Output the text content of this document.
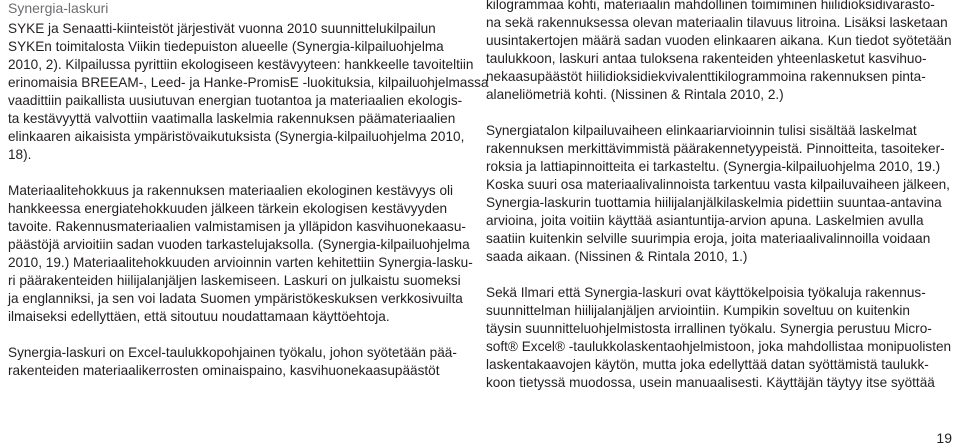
Synergia-laskuri

SYKE ja Senaatti-kiinteistöt järjestivät vuonna 2010 suunnittelukilpailun
SYKEn toimitalosta Viikin tiedepuiston alueelle (Synergia-kilpailuohjelma
2010, 2). Kilpailussa pyrittiin ekologiseen kestävyyteen: hankkeelle tavoiteltiin
erinomaisia BREEAM-, Leed- ja Hanke-PromisE -luokituksia, kilpailuohjelmassa
vaadittiin paikallista uusiutuvan energian tuotantoa ja materiaalien ekologis-
ta kestävyyttä valvottiin vaatimalla laskelmia rakennuksen päämateriaalien
elinkaaren aikaisista ympäristövaikutuksista (Synergia-kilpailuohjelma 2010,
18).

Materiaalitehokkuus ja rakennuksen materiaalien ekologinen kestävyys oli
hankkeessa energiatehokkuuden jälkeen tärkein ekologisen kestävyyden
tavoite. Rakennusmateriaalien valmistamisen ja ylläpidon kasvihuonekaasu-
päästöjä arvioitiin sadan vuoden tarkastelujaksolla. (Synergia-kilpailuohjelma
2010, 19.) Materiaalitehokkuuden arvioinnin varten kehitettiin Synergia-lasku-
ri päärakenteiden hiilijalanjäljen laskemiseen. Laskuri on julkaistu suomeksi
ja englanniksi, ja sen voi ladata Suomen ympäristökeskuksen verkkosivuilta
ilmaiseksi edellyttäen, että sitoutuu noudattamaan käyttöehtoja.

Synergia-laskuri on Excel-taulukkopohjainen työkalu, johon syötetään pää-
rakenteiden materiaalikerrosten ominaispaino, kasvihuonekaasupäästöt

kilogrammaa kohti, materiaalin mahdollinen toimiminen hiilidioksidivarasto-
na sekä rakennuksessa olevan materiaalin tilavuus litroina. Lisäksi lasketaan
uusintakertojen määrä sadan vuoden elinkaaren aikana. Kun tiedot syötetään
taulukkoon, laskuri antaa tuloksena rakenteiden yhteenlasketut kasvihuo-
nekaasupäästöt hiilidioksidiekvivalenttikilogrammoina rakennuksen pinta-
alaneliömetriä kohti. (Nissinen & Rintala 2010, 2.)

Synergiatalon kilpailuvaiheen elinkaariarvioinnin tulisi sisältää laskelmat
rakennuksen merkittävimmistä päärakennetyypeistä. Pinnoitteita, tasoiteker-
roksia ja lattiapinnoitteita ei tarkasteltu. (Synergia-kilpailuohjelma 2010, 19.)
Koska suuri osa materiaalivalinnoista tarkentuu vasta kilpailuvaiheen jälkeen,
Synergia-laskurin tuottamia hiilijalanjälkilaskelmia pidettiin suuntaa-antavina
arvioina, joita voitiin käyttää asiantuntija-arvion apuna. Laskelmien avulla
saatiin kuitenkin selville suurimpia eroja, joita materiaalivalinnoilla voidaan
saada aikaan. (Nissinen & Rintala 2010, 1.)

Sekä Ilmari että Synergia-laskuri ovat käyttökelpoisia työkaluja rakennus-
suunnittelman hiilijalanjäljen arviointiin. Kumpikin soveltuu on kuitenkin
täysin suunnitteluohjelmistosta irrallinen työkalu. Synergia perustuu Micro-
soft® Excel® -taulukkolaskentaohjelmistoon, joka mahdollistaa monipuolisten
laskentakaavojen käytön, mutta joka edellyttää datan syöttämistä taulukk-
koon tietyssä muodossa, usein manuaalisesti. Käyttäjän täytyy itse syöttää

19
